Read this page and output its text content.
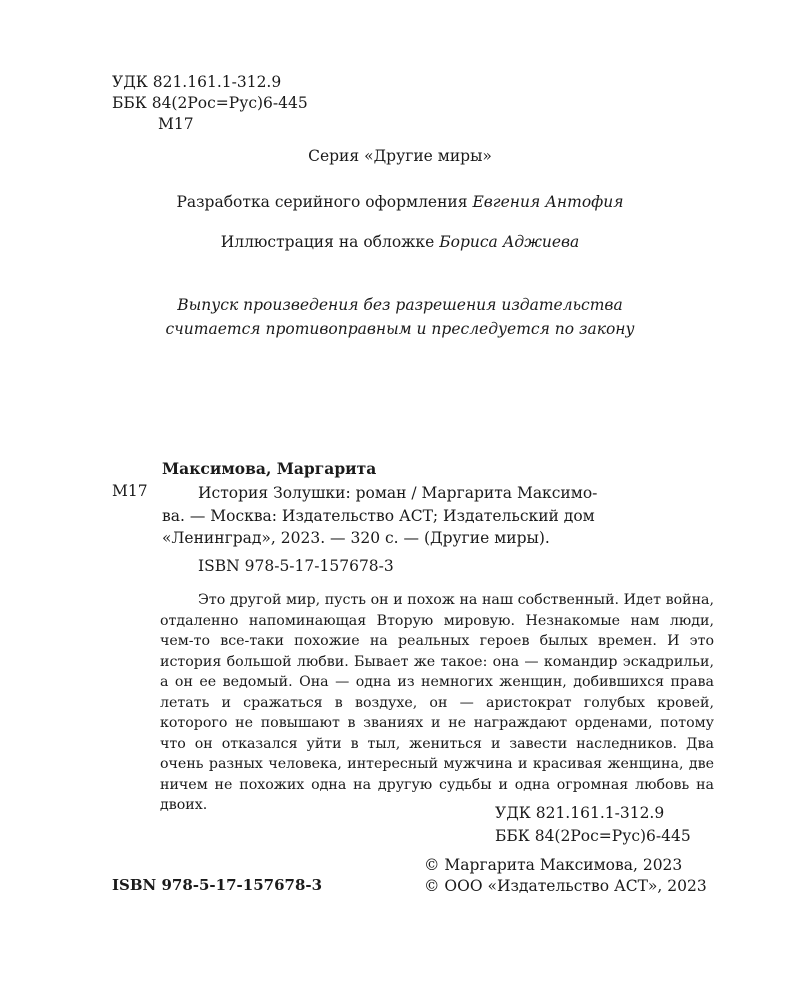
УДК 821.161.1-312.9
ББК 84(2Рос=Рус)6-445
М17
Серия «Другие миры»
Разработка серийного оформления Евгения Антофия
Иллюстрация на обложке Бориса Аджиева
Выпуск произведения без разрешения издательства
считается противоправным и преследуется по закону
Максимова, Маргарита
М17	История Золушки: роман / Маргарита Максимо-
ва. — Москва: Издательство АСТ; Издательский дом
«Ленинград», 2023. — 320 с. — (Другие миры).
ISBN 978-5-17-157678-3
Это другой мир, пусть он и похож на наш собственный. Идет война, отдаленно напоминающая Вторую мировую. Незнакомые нам люди, чем-то все-таки похожие на реальных героев былых времен. И это история большой любви. Бывает же такое: она — командир эскадрильи, а он ее ведомый. Она — одна из немногих женщин, добившихся права летать и сражаться в воздухе, он — аристократ голубых кровей, которого не повышают в званиях и не награждают орденами, потому что он отказался уйти в тыл, жениться и завести наследников. Два очень разных человека, интересный мужчина и красивая женщина, две ничем не похожих одна на другую судьбы и одна огромная любовь на двоих.	УДК 821.161.1-312.9
ББК 84(2Рос=Рус)6-445
© Маргарита Максимова, 2023
© ООО «Издательство АСТ», 2023
ISBN 978-5-17-157678-3
